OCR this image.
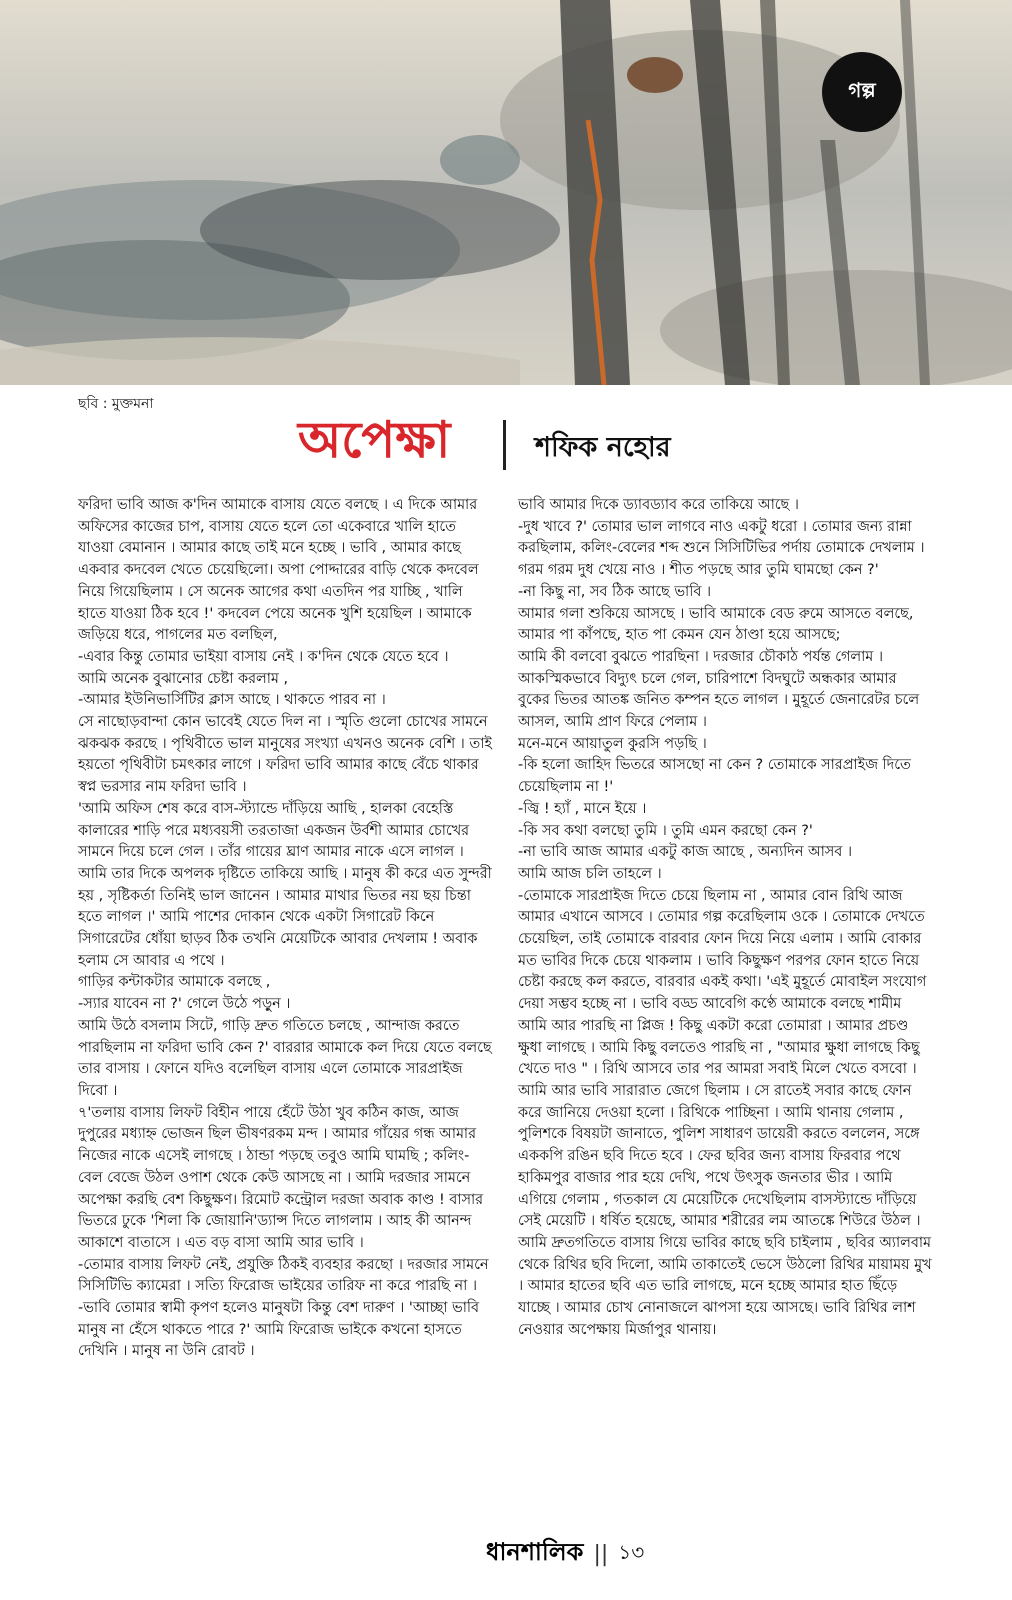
গল্প
ছবি : মুক্তমনা
অপেক্ষা	শফিক নহোর

ফরিদা ভাবি আজ ক'দিন আমাকে বাসায় যেতে বলছে । এ দিকে আমার অফিসের কাজের চাপ, বাসায় যেতে হলে তো একেবারে খালি হাতে যাওয়া বেমানান । আমার কাছে তাই মনে হচ্ছে । ভাবি , আমার কাছে একবার কদবেল খেতে চেয়েছিলো। অপা পোদ্দারের বাড়ি থেকে কদবেল নিয়ে গিয়েছিলাম । সে অনেক আগের কথা এতদিন পর যাচ্ছি , খালি হাতে যাওয়া ঠিক হবে !' কদবেল পেয়ে অনেক খুশি হয়েছিল । আমাকে জড়িয়ে ধরে, পাগলের মত বলছিল,

-এবার কিন্তু তোমার ভাইয়া বাসায় নেই । ক'দিন থেকে যেতে হবে ।

আমি অনেক বুঝানোর চেষ্টা করলাম ,

-আমার ইউনিভার্সিটির ক্লাস আছে । থাকতে পারব না ।

সে নাছোড়বান্দা কোন ভাবেই যেতে দিল না । স্মৃতি গুলো চোখের সামনে ঝকঝক করছে । পৃথিবীতে ভাল মানুষের সংখ্যা এখনও অনেক বেশি । তাই হয়তো পৃথিবীটা চমৎকার লাগে । ফরিদা ভাবি আমার কাছে বেঁচে থাকার স্বপ্ন ভরসার নাম ফরিদা ভাবি ।

'আমি অফিস শেষ করে বাস-স্ট্যান্ডে দাঁড়িয়ে আছি , হালকা বেহেস্তি কালারের শাড়ি পরে মধ্যবয়সী তরতাজা একজন উর্বশী আমার চোখের সামনে দিয়ে চলে গেল । তাঁর গায়ের ঘ্রাণ আমার নাকে এসে লাগল । আমি তার দিকে অপলক দৃষ্টিতে তাকিয়ে আছি । মানুষ কী করে এত সুন্দরী হয় , সৃষ্টিকর্তা তিনিই ভাল জানেন । আমার মাথার ভিতর নয় ছয় চিন্তা হতে লাগল ।' আমি পাশের দোকান থেকে একটা সিগারেট কিনে সিগারেটের ধোঁয়া ছাড়ব ঠিক তখনি মেয়েটিকে আবার দেখলাম ! অবাক হলাম সে আবার এ পথে ।

গাড়ির কন্টাকটার আমাকে বলছে ,

-স্যার যাবেন না ?' গেলে উঠে পড়ুন ।

আমি উঠে বসলাম সিটে, গাড়ি দ্রুত গতিতে চলছে , আন্দাজ করতে পারছিলাম না ফরিদা ভাবি কেন ?' বাররার আমাকে কল দিয়ে যেতে বলছে তার বাসায় । ফোনে যদিও বলেছিল বাসায় এলে তোমাকে সারপ্রাইজ দিবো ।

৭'তলায় বাসায় লিফট বিহীন পায়ে হেঁটে উঠা খুব কঠিন কাজ, আজ দুপুরের মধ্যাহ্ন ভোজন ছিল ভীষণরকম মন্দ । আমার গাঁয়ের গন্ধ আমার নিজের নাকে এসেই লাগছে । ঠান্ডা পড়ছে তবুও আমি ঘামছি ; কলিং-বেল বেজে উঠল ওপাশ থেকে কেউ আসছে না । আমি দরজার সামনে অপেক্ষা করছি বেশ কিছুক্ষণ। রিমোট কন্ট্রোল দরজা অবাক কাণ্ড ! বাসার ভিতরে ঢুকে 'শিলা কি জোয়ানি'ড্যান্স দিতে লাগলাম । আহ কী আনন্দ আকাশে বাতাসে । এত বড় বাসা আমি আর ভাবি ।

-তোমার বাসায় লিফট নেই, প্রযুক্তি ঠিকই ব্যবহার করছো । দরজার সামনে সিসিটিভি ক্যামেরা । সত্যি ফিরোজ ভাইয়ের তারিফ না করে পারছি না ।

-ভাবি তোমার স্বামী কৃপণ হলেও মানুষটা কিন্তু বেশ দারুণ । 'আচ্ছা ভাবি মানুষ না হেঁসে থাকতে পারে ?' আমি ফিরোজ ভাইকে কখনো হাসতে দেখিনি । মানুষ না উনি রোবট ।

ভাবি আমার দিকে ড্যাবড্যাব করে তাকিয়ে আছে ।

-দুধ খাবে ?' তোমার ভাল লাগবে নাও একটু ধরো । তোমার জন্য রান্না করছিলাম, কলিং-বেলের শব্দ শুনে সিসিটিভির পর্দায় তোমাকে দেখলাম । গরম গরম দুধ খেয়ে নাও । শীত পড়ছে আর তুমি ঘামছো কেন ?'

-না কিছু না, সব ঠিক আছে ভাবি ।

আমার গলা শুকিয়ে আসছে । ভাবি আমাকে বেড রুমে আসতে বলছে, আমার পা কাঁপছে, হাত পা কেমন যেন ঠাণ্ডা হয়ে আসছে;

আমি কী বলবো বুঝতে পারছিনা । দরজার চৌকাঠ পর্যন্ত গেলাম । আকস্মিকভাবে বিদ্যুৎ চলে গেল, চারিপাশে বিদঘুটে অন্ধকার আমার বুকের ভিতর আতঙ্ক জনিত কম্পন হতে লাগল । মুহূর্তে জেনারেটর চলে আসল, আমি প্রাণ ফিরে পেলাম ।

মনে-মনে আয়াতুল কুরসি পড়ছি ।

-কি হলো জাহিদ ভিতরে আসছো না কেন ? তোমাকে সারপ্রাইজ দিতে চেয়েছিলাম না !'

-জ্বি ! হ্যাঁ , মানে ইয়ে ।

-কি সব কথা বলছো তুমি । তুমি এমন করছো কেন ?'

-না ভাবি আজ আমার একটু কাজ আছে , অন্যদিন আসব ।

আমি আজ চলি তাহলে ।

-তোমাকে সারপ্রাইজ দিতে চেয়ে ছিলাম না , আমার বোন রিথি আজ আমার এখানে আসবে । তোমার গল্প করেছিলাম ওকে । তোমাকে দেখতে চেয়েছিল, তাই তোমাকে বারবার ফোন দিয়ে নিয়ে এলাম । আমি বোকার মত ভাবির দিকে চেয়ে থাকলাম । ভাবি কিছুক্ষণ পরপর ফোন হাতে নিয়ে চেষ্টা করছে কল করতে, বারবার একই কথা। 'এই মুহূর্তে মোবাইল সংযোগ দেয়া সম্ভব হচ্ছে না । ভাবি বড্ড আবেগি কণ্ঠে আমাকে বলছে শামীম আমি আর পারছি না প্লিজ ! কিছু একটা করো তোমারা । আমার প্রচণ্ড ক্ষুধা লাগছে । আমি কিছু বলতেও পারছি না , "আমার ক্ষুধা লাগছে কিছু খেতে দাও " । রিথি আসবে তার পর আমরা সবাই মিলে খেতে বসবো ।

আমি আর ভাবি সারারাত জেগে ছিলাম । সে রাতেই সবার কাছে ফোন করে জানিয়ে দেওয়া হলো । রিথিকে পাচ্ছিনা । আমি থানায় গেলাম , পুলিশকে বিষয়টা জানাতে, পুলিশ সাধারণ ডায়েরী করতে বললেন, সঙ্গে এককপি রঙিন ছবি দিতে হবে । ফের ছবির জন্য বাসায় ফিরবার পথে হাকিমপুর বাজার পার হয়ে দেখি, পথে উৎসুক জনতার ভীর । আমি এগিয়ে গেলাম , গতকাল যে মেয়েটিকে দেখেছিলাম বাসস্ট্যান্ডে দাঁড়িয়ে সেই মেয়েটি । ধর্ষিত হয়েছে, আমার শরীরের লম আতঙ্কে শিউরে উঠল ।

আমি দ্রুতগতিতে বাসায় গিয়ে ভাবির কাছে ছবি চাইলাম , ছবির অ্যালবাম থেকে রিথির ছবি দিলো, আমি তাকাতেই ভেসে উঠলো রিথির মায়াময় মুখ । আমার হাতের ছবি এত ভারি লাগছে, মনে হচ্ছে আমার হাত ছিঁড়ে যাচ্ছে । আমার চোখ নোনাজলে ঝাপসা হয়ে আসছে। ভাবি রিথির লাশ নেওয়ার অপেক্ষায় মির্জাপুর থানায়।

ধানশালিক || ১৩
